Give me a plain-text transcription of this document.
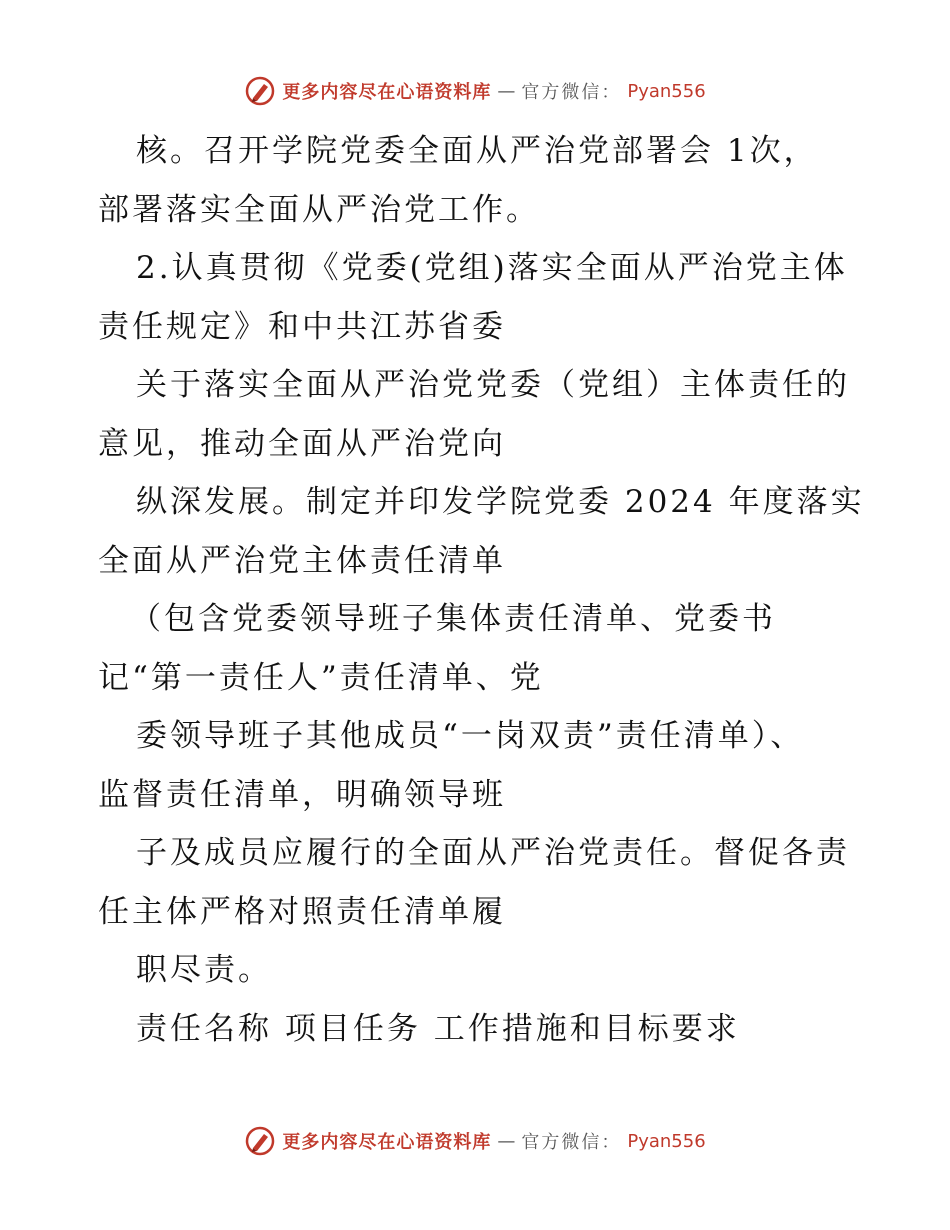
更多内容尽在心语资料库 — 官方微信： Pyan556
核。召开学院党委全面从严治党部署会 1次，
部署落实全面从严治党工作。
2.认真贯彻《党委(党组)落实全面从严治党主体
责任规定》和中共江苏省委
关于落实全面从严治党党委（党组）主体责任的
意见，推动全面从严治党向
纵深发展。制定并印发学院党委 2024 年度落实
全面从严治党主体责任清单
（包含党委领导班子集体责任清单、党委书
记“第一责任人”责任清单、党
委领导班子其他成员“一岗双责”责任清单）、
监督责任清单，明确领导班
子及成员应履行的全面从严治党责任。督促各责
任主体严格对照责任清单履
职尽责。
责任名称 项目任务 工作措施和目标要求
更多内容尽在心语资料库 — 官方微信： Pyan556
